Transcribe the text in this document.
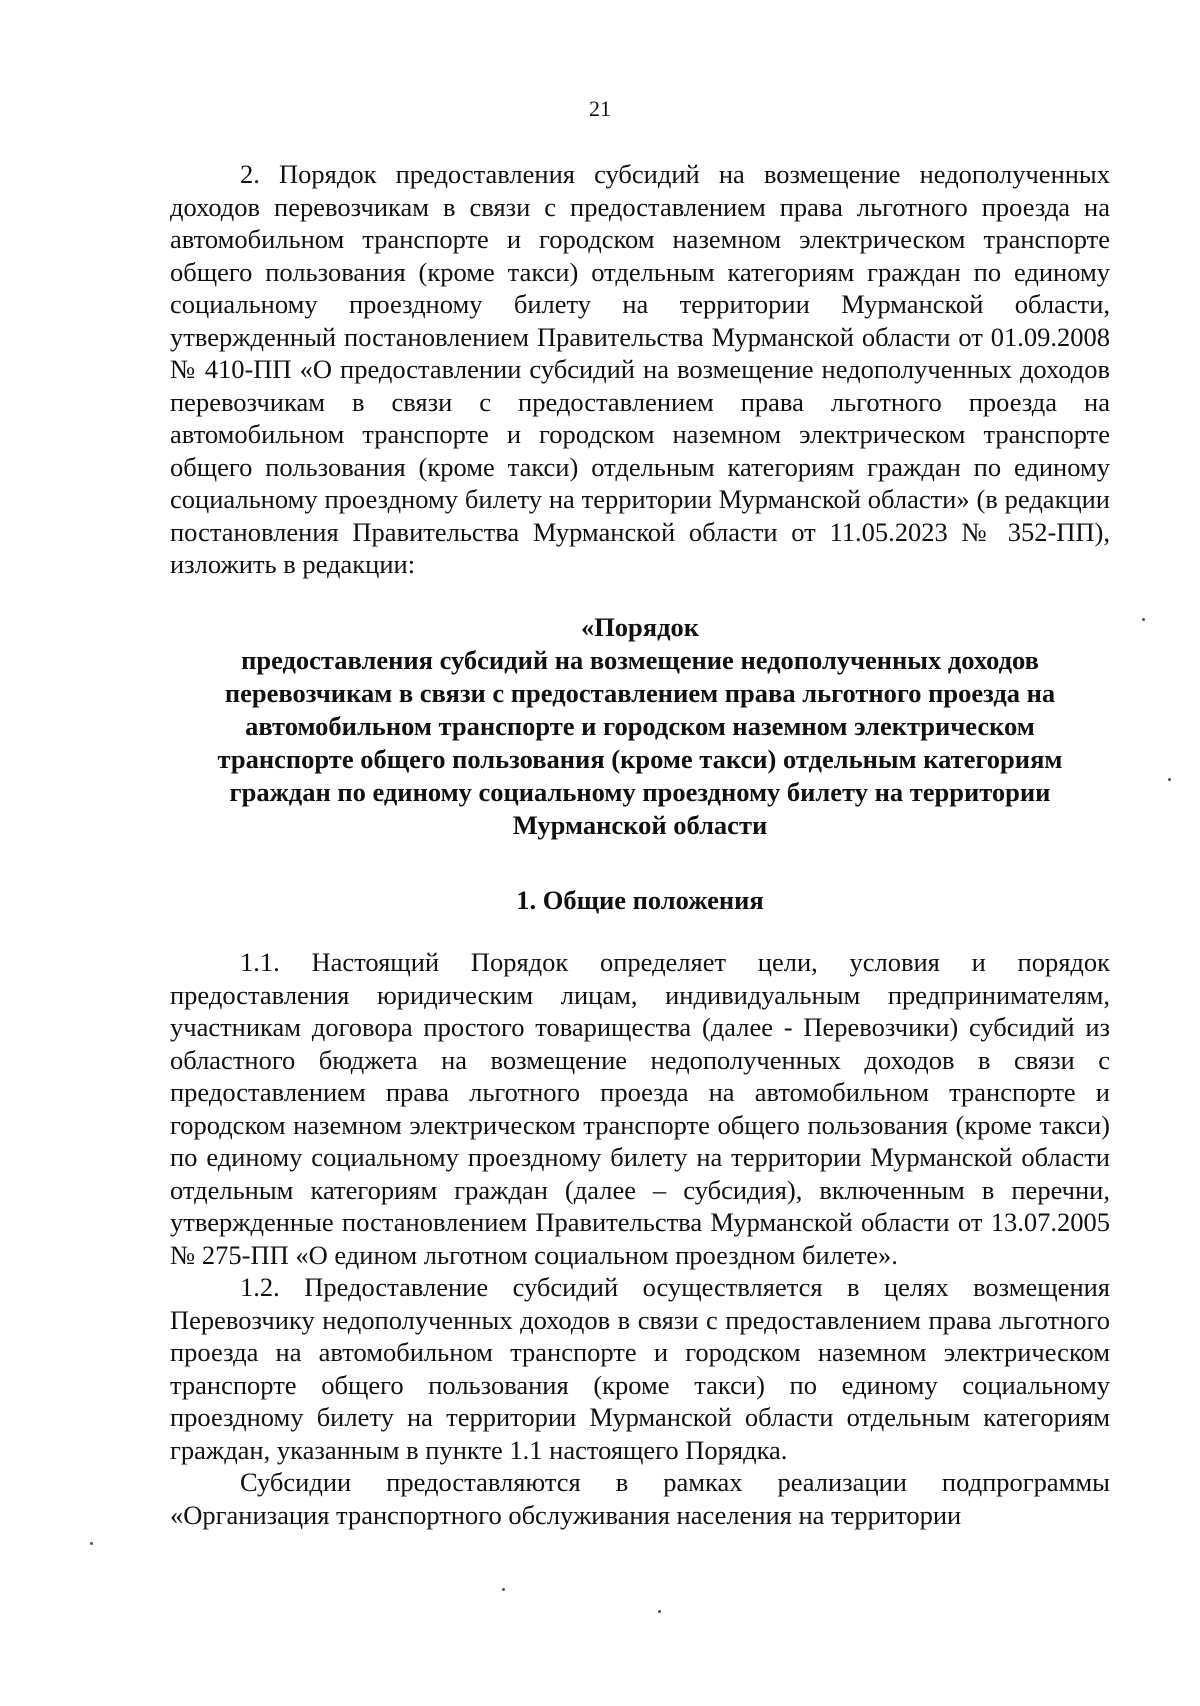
21

2. Порядок предоставления субсидий на возмещение недополученных доходов перевозчикам в связи с предоставлением права льготного проезда на автомобильном транспорте и городском наземном электрическом транспорте общего пользования (кроме такси) отдельным категориям граждан по единому социальному проездному билету на территории Мурманской области, утвержденный постановлением Правительства Мурманской области от 01.09.2008 № 410-ПП «О предоставлении субсидий на возмещение недополученных доходов перевозчикам в связи с предоставлением права льготного проезда на автомобильном транспорте и городском наземном электрическом транспорте общего пользования (кроме такси) отдельным категориям граждан по единому социальному проездному билету на территории Мурманской области» (в редакции постановления Правительства Мурманской области от 11.05.2023 № 352-ПП), изложить в редакции:

«Порядок
предоставления субсидий на возмещение недополученных доходов
перевозчикам в связи с предоставлением права льготного проезда на
автомобильном транспорте и городском наземном электрическом
транспорте общего пользования (кроме такси) отдельным категориям
граждан по единому социальному проездному билету на территории
Мурманской области
1. Общие положения

1.1. Настоящий Порядок определяет цели, условия и порядок предоставления юридическим лицам, индивидуальным предпринимателям, участникам договора простого товарищества (далее - Перевозчики) субсидий из областного бюджета на возмещение недополученных доходов в связи с предоставлением права льготного проезда на автомобильном транспорте и городском наземном электрическом транспорте общего пользования (кроме такси) по единому социальному проездному билету на территории Мурманской области отдельным категориям граждан (далее – субсидия), включенным в перечни, утвержденные постановлением Правительства Мурманской области от 13.07.2005 № 275-ПП «О едином льготном социальном проездном билете».

1.2. Предоставление субсидий осуществляется в целях возмещения Перевозчику недополученных доходов в связи с предоставлением права льготного проезда на автомобильном транспорте и городском наземном электрическом транспорте общего пользования (кроме такси) по единому социальному проездному билету на территории Мурманской области отдельным категориям граждан, указанным в пункте 1.1 настоящего Порядка.

Субсидии предоставляются в рамках реализации подпрограммы «Организация транспортного обслуживания населения на территории
